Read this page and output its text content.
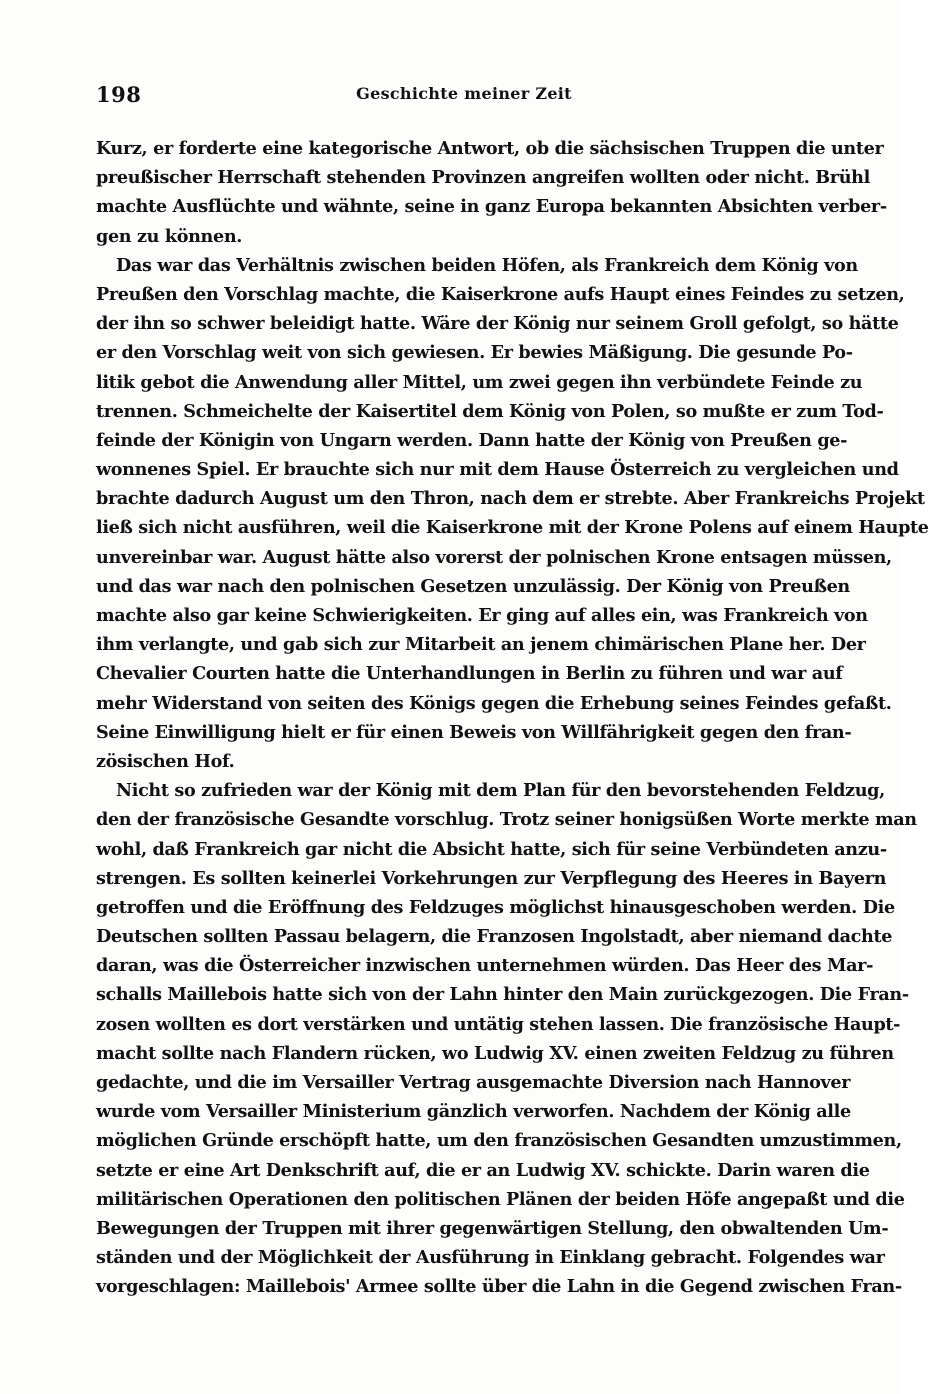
198	Geschichte meiner Zeit
Kurz, er forderte eine kategorische Antwort, ob die sächsischen Truppen die unter
preußischer Herrschaft stehenden Provinzen angreifen wollten oder nicht. Brühl
machte Ausflüchte und wähnte, seine in ganz Europa bekannten Absichten verber-
gen zu können.
Das war das Verhältnis zwischen beiden Höfen, als Frankreich dem König von
Preußen den Vorschlag machte, die Kaiserkrone aufs Haupt eines Feindes zu setzen,
der ihn so schwer beleidigt hatte. Wäre der König nur seinem Groll gefolgt, so hätte
er den Vorschlag weit von sich gewiesen. Er bewies Mäßigung. Die gesunde Po-
litik gebot die Anwendung aller Mittel, um zwei gegen ihn verbündete Feinde zu
trennen. Schmeichelte der Kaisertitel dem König von Polen, so mußte er zum Tod-
feinde der Königin von Ungarn werden. Dann hatte der König von Preußen ge-
wonnenes Spiel. Er brauchte sich nur mit dem Hause Österreich zu vergleichen und
brachte dadurch August um den Thron, nach dem er strebte. Aber Frankreichs Projekt
ließ sich nicht ausführen, weil die Kaiserkrone mit der Krone Polens auf einem Haupte
unvereinbar war. August hätte also vorerst der polnischen Krone entsagen müssen,
und das war nach den polnischen Gesetzen unzulässig. Der König von Preußen
machte also gar keine Schwierigkeiten. Er ging auf alles ein, was Frankreich von
ihm verlangte, und gab sich zur Mitarbeit an jenem chimärischen Plane her. Der
Chevalier Courten hatte die Unterhandlungen in Berlin zu führen und war auf
mehr Widerstand von seiten des Königs gegen die Erhebung seines Feindes gefaßt.
Seine Einwilligung hielt er für einen Beweis von Willfährigkeit gegen den fran-
zösischen Hof.
Nicht so zufrieden war der König mit dem Plan für den bevorstehenden Feldzug,
den der französische Gesandte vorschlug. Trotz seiner honigsüßen Worte merkte man
wohl, daß Frankreich gar nicht die Absicht hatte, sich für seine Verbündeten anzu-
strengen. Es sollten keinerlei Vorkehrungen zur Verpflegung des Heeres in Bayern
getroffen und die Eröffnung des Feldzuges möglichst hinausgeschoben werden. Die
Deutschen sollten Passau belagern, die Franzosen Ingolstadt, aber niemand dachte
daran, was die Österreicher inzwischen unternehmen würden. Das Heer des Mar-
schalls Maillebois hatte sich von der Lahn hinter den Main zurückgezogen. Die Fran-
zosen wollten es dort verstärken und untätig stehen lassen. Die französische Haupt-
macht sollte nach Flandern rücken, wo Ludwig XV. einen zweiten Feldzug zu führen
gedachte, und die im Versailler Vertrag ausgemachte Diversion nach Hannover
wurde vom Versailler Ministerium gänzlich verworfen. Nachdem der König alle
möglichen Gründe erschöpft hatte, um den französischen Gesandten umzustimmen,
setzte er eine Art Denkschrift auf, die er an Ludwig XV. schickte. Darin waren die
militärischen Operationen den politischen Plänen der beiden Höfe angepaßt und die
Bewegungen der Truppen mit ihrer gegenwärtigen Stellung, den obwaltenden Um-
ständen und der Möglichkeit der Ausführung in Einklang gebracht. Folgendes war
vorgeschlagen: Maillebois' Armee sollte über die Lahn in die Gegend zwischen Fran-
